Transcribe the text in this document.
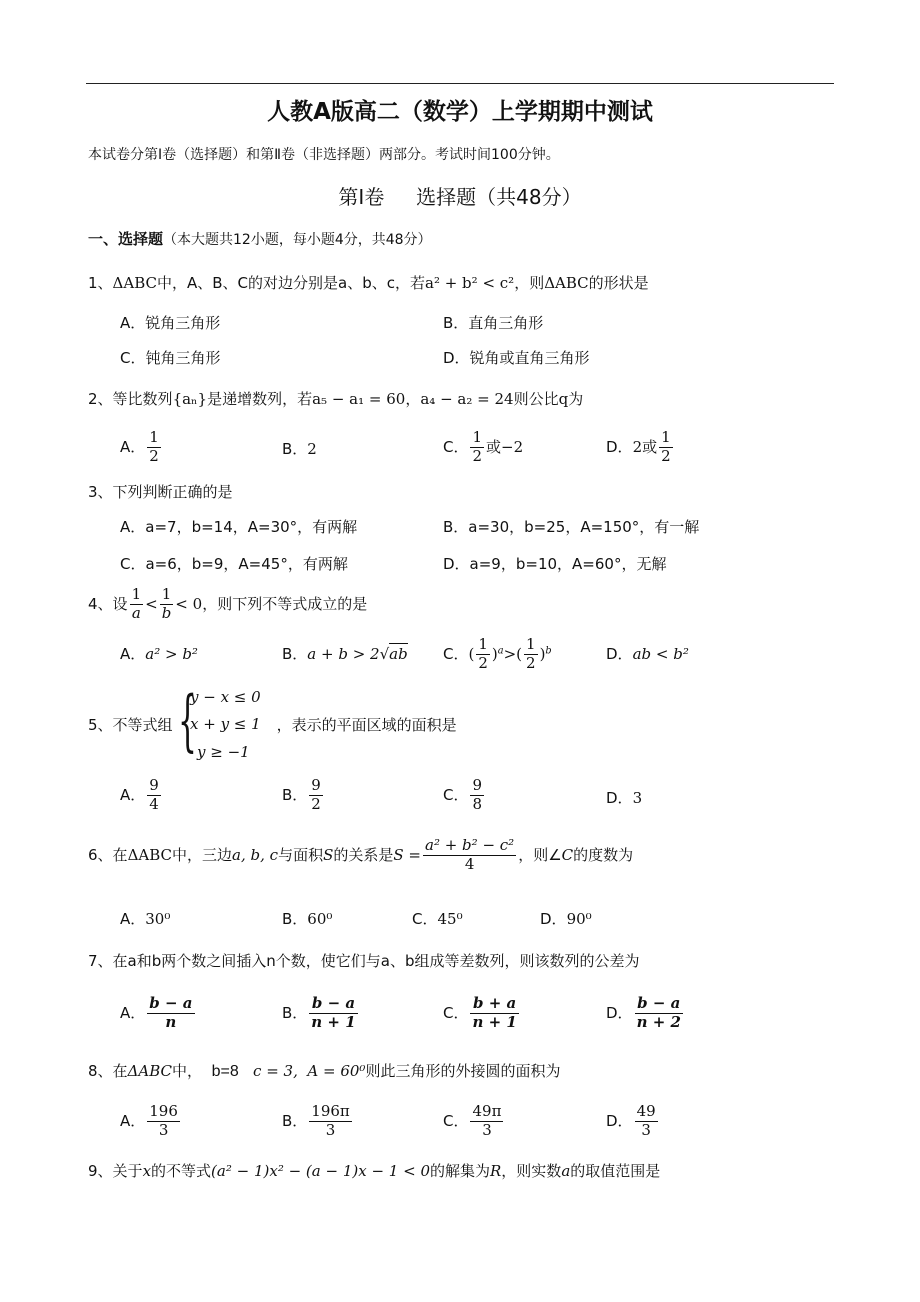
人教A版高二（数学）上学期期中测试
本试卷分第Ⅰ卷（选择题）和第Ⅱ卷（非选择题）两部分。考试时间100分钟。
第Ⅰ卷 选择题（共48分）
一、选择题（本大题共12小题，每小题4分，共48分）
1、ΔABC中，A、B、C的对边分别是a、b、c，若a² + b² < c²，则ΔABC的形状是
A．锐角三角形	B．直角三角形
C．钝角三角形	D．锐角或直角三角形
2、等比数列{aₙ}是递增数列，若a₅ − a₁ = 60，a₄ − a₂ = 24则公比q为
A． $\frac{1}{2}$	B．2	C． $\frac{1}{2}$ 或−2	D．2或 $\frac{1}{2}$
3、下列判断正确的是
A．a=7，b=14，A=30°，有两解	B．a=30，b=25，A=150°，有一解
C．a=6，b=9，A=45°，有两解	D．a=9，b=10，A=60°，无解
4、设 $\frac{1}{a} < \frac{1}{b} < 0$，则下列不等式成立的是
A．a² > b²	B．a + b > 2√ab C．( $\frac{1}{2} )^a>( \frac{1}{2} )^b$	D．ab < b²
5、不等式组	，表示的平面区域的面积是
{
y − x ≤ 0
x + y ≤ 1
y ≥ −1
A． $\frac{9}{4}$	B． $\frac{9}{2}$	C． $\frac{9}{8}$	D．3
6、在ΔABC中，三边a, b, c与面积S的关系是$S = \frac{\text{a² + b² − c²}}{4}$ ，则∠C的度数为
A．30⁰	B．60⁰	C．45⁰	D．90⁰
7、在a和b两个数之间插入n个数，使它们与a、b组成等差数列，则该数列的公差为
A． $\frac{b - a}{n}$	B． $\frac{b - a}{n + 1}$	C． $\frac{b + a}{n + 1}$	D． $\frac{b - a}{n + 2}$
8、在ΔABC中， b=8 c = 3, A = 60⁰则此三角形的外接圆的面积为
A． $\frac{196}{3}$	B． $\frac{196\pi}{3}$	C． $\frac{49\pi}{3}$	D． $\frac{49}{3}$
9、关于x的不等式(a² − 1)x² − (a − 1)x − 1 < 0的解集为R，则实数a的取值范围是
